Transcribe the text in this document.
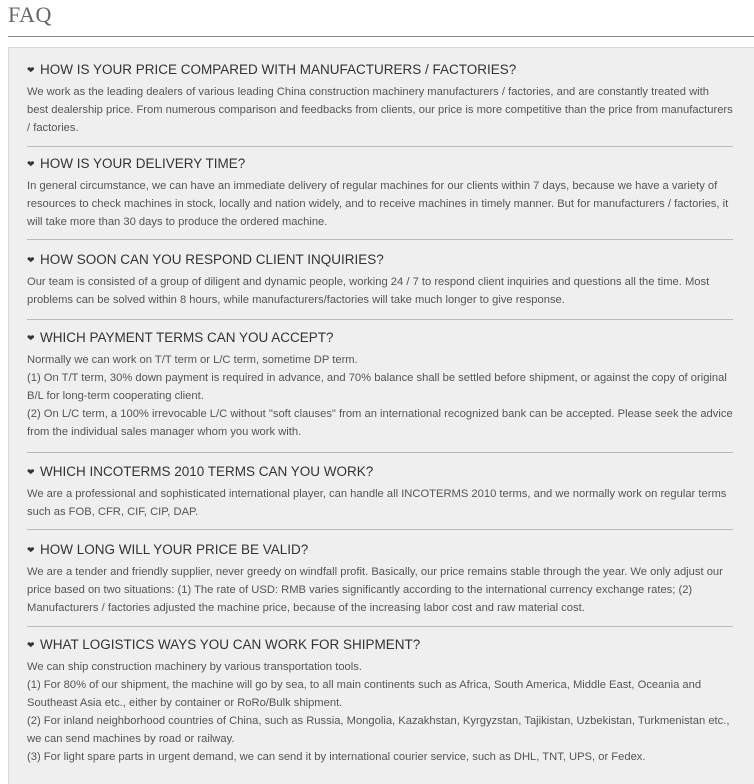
FAQ
❤ HOW IS YOUR PRICE COMPARED WITH MANUFACTURERS / FACTORIES?

We work as the leading dealers of various leading China construction machinery manufacturers / factories, and are constantly treated with best dealership price. From numerous comparison and feedbacks from clients, our price is more competitive than the price from manufacturers / factories.

❤ HOW IS YOUR DELIVERY TIME?

In general circumstance, we can have an immediate delivery of regular machines for our clients within 7 days, because we have a variety of resources to check machines in stock, locally and nation widely, and to receive machines in timely manner. But for manufacturers / factories, it will take more than 30 days to produce the ordered machine.

❤ HOW SOON CAN YOU RESPOND CLIENT INQUIRIES?

Our team is consisted of a group of diligent and dynamic people, working 24 / 7 to respond client inquiries and questions all the time. Most problems can be solved within 8 hours, while manufacturers/factories will take much longer to give response.

❤ WHICH PAYMENT TERMS CAN YOU ACCEPT?

Normally we can work on T/T term or L/C term, sometime DP term.

(1) On T/T term, 30% down payment is required in advance, and 70% balance shall be settled before shipment, or against the copy of original B/L for long-term cooperating client.

(2) On L/C term, a 100% irrevocable L/C without "soft clauses" from an international recognized bank can be accepted. Please seek the advice from the individual sales manager whom you work with.

❤ WHICH INCOTERMS 2010 TERMS CAN YOU WORK?

We are a professional and sophisticated international player, can handle all INCOTERMS 2010 terms, and we normally work on regular terms such as FOB, CFR, CIF, CIP, DAP.

❤ HOW LONG WILL YOUR PRICE BE VALID?

We are a tender and friendly supplier, never greedy on windfall profit. Basically, our price remains stable through the year. We only adjust our price based on two situations: (1) The rate of USD: RMB varies significantly according to the international currency exchange rates; (2) Manufacturers / factories adjusted the machine price, because of the increasing labor cost and raw material cost.

❤ WHAT LOGISTICS WAYS YOU CAN WORK FOR SHIPMENT?

We can ship construction machinery by various transportation tools.

(1) For 80% of our shipment, the machine will go by sea, to all main continents such as Africa, South America, Middle East, Oceania and Southeast Asia etc., either by container or RoRo/Bulk shipment.

(2) For inland neighborhood countries of China, such as Russia, Mongolia, Kazakhstan, Kyrgyzstan, Tajikistan, Uzbekistan, Turkmenistan etc., we can send machines by road or railway.

(3) For light spare parts in urgent demand, we can send it by international courier service, such as DHL, TNT, UPS, or Fedex.
